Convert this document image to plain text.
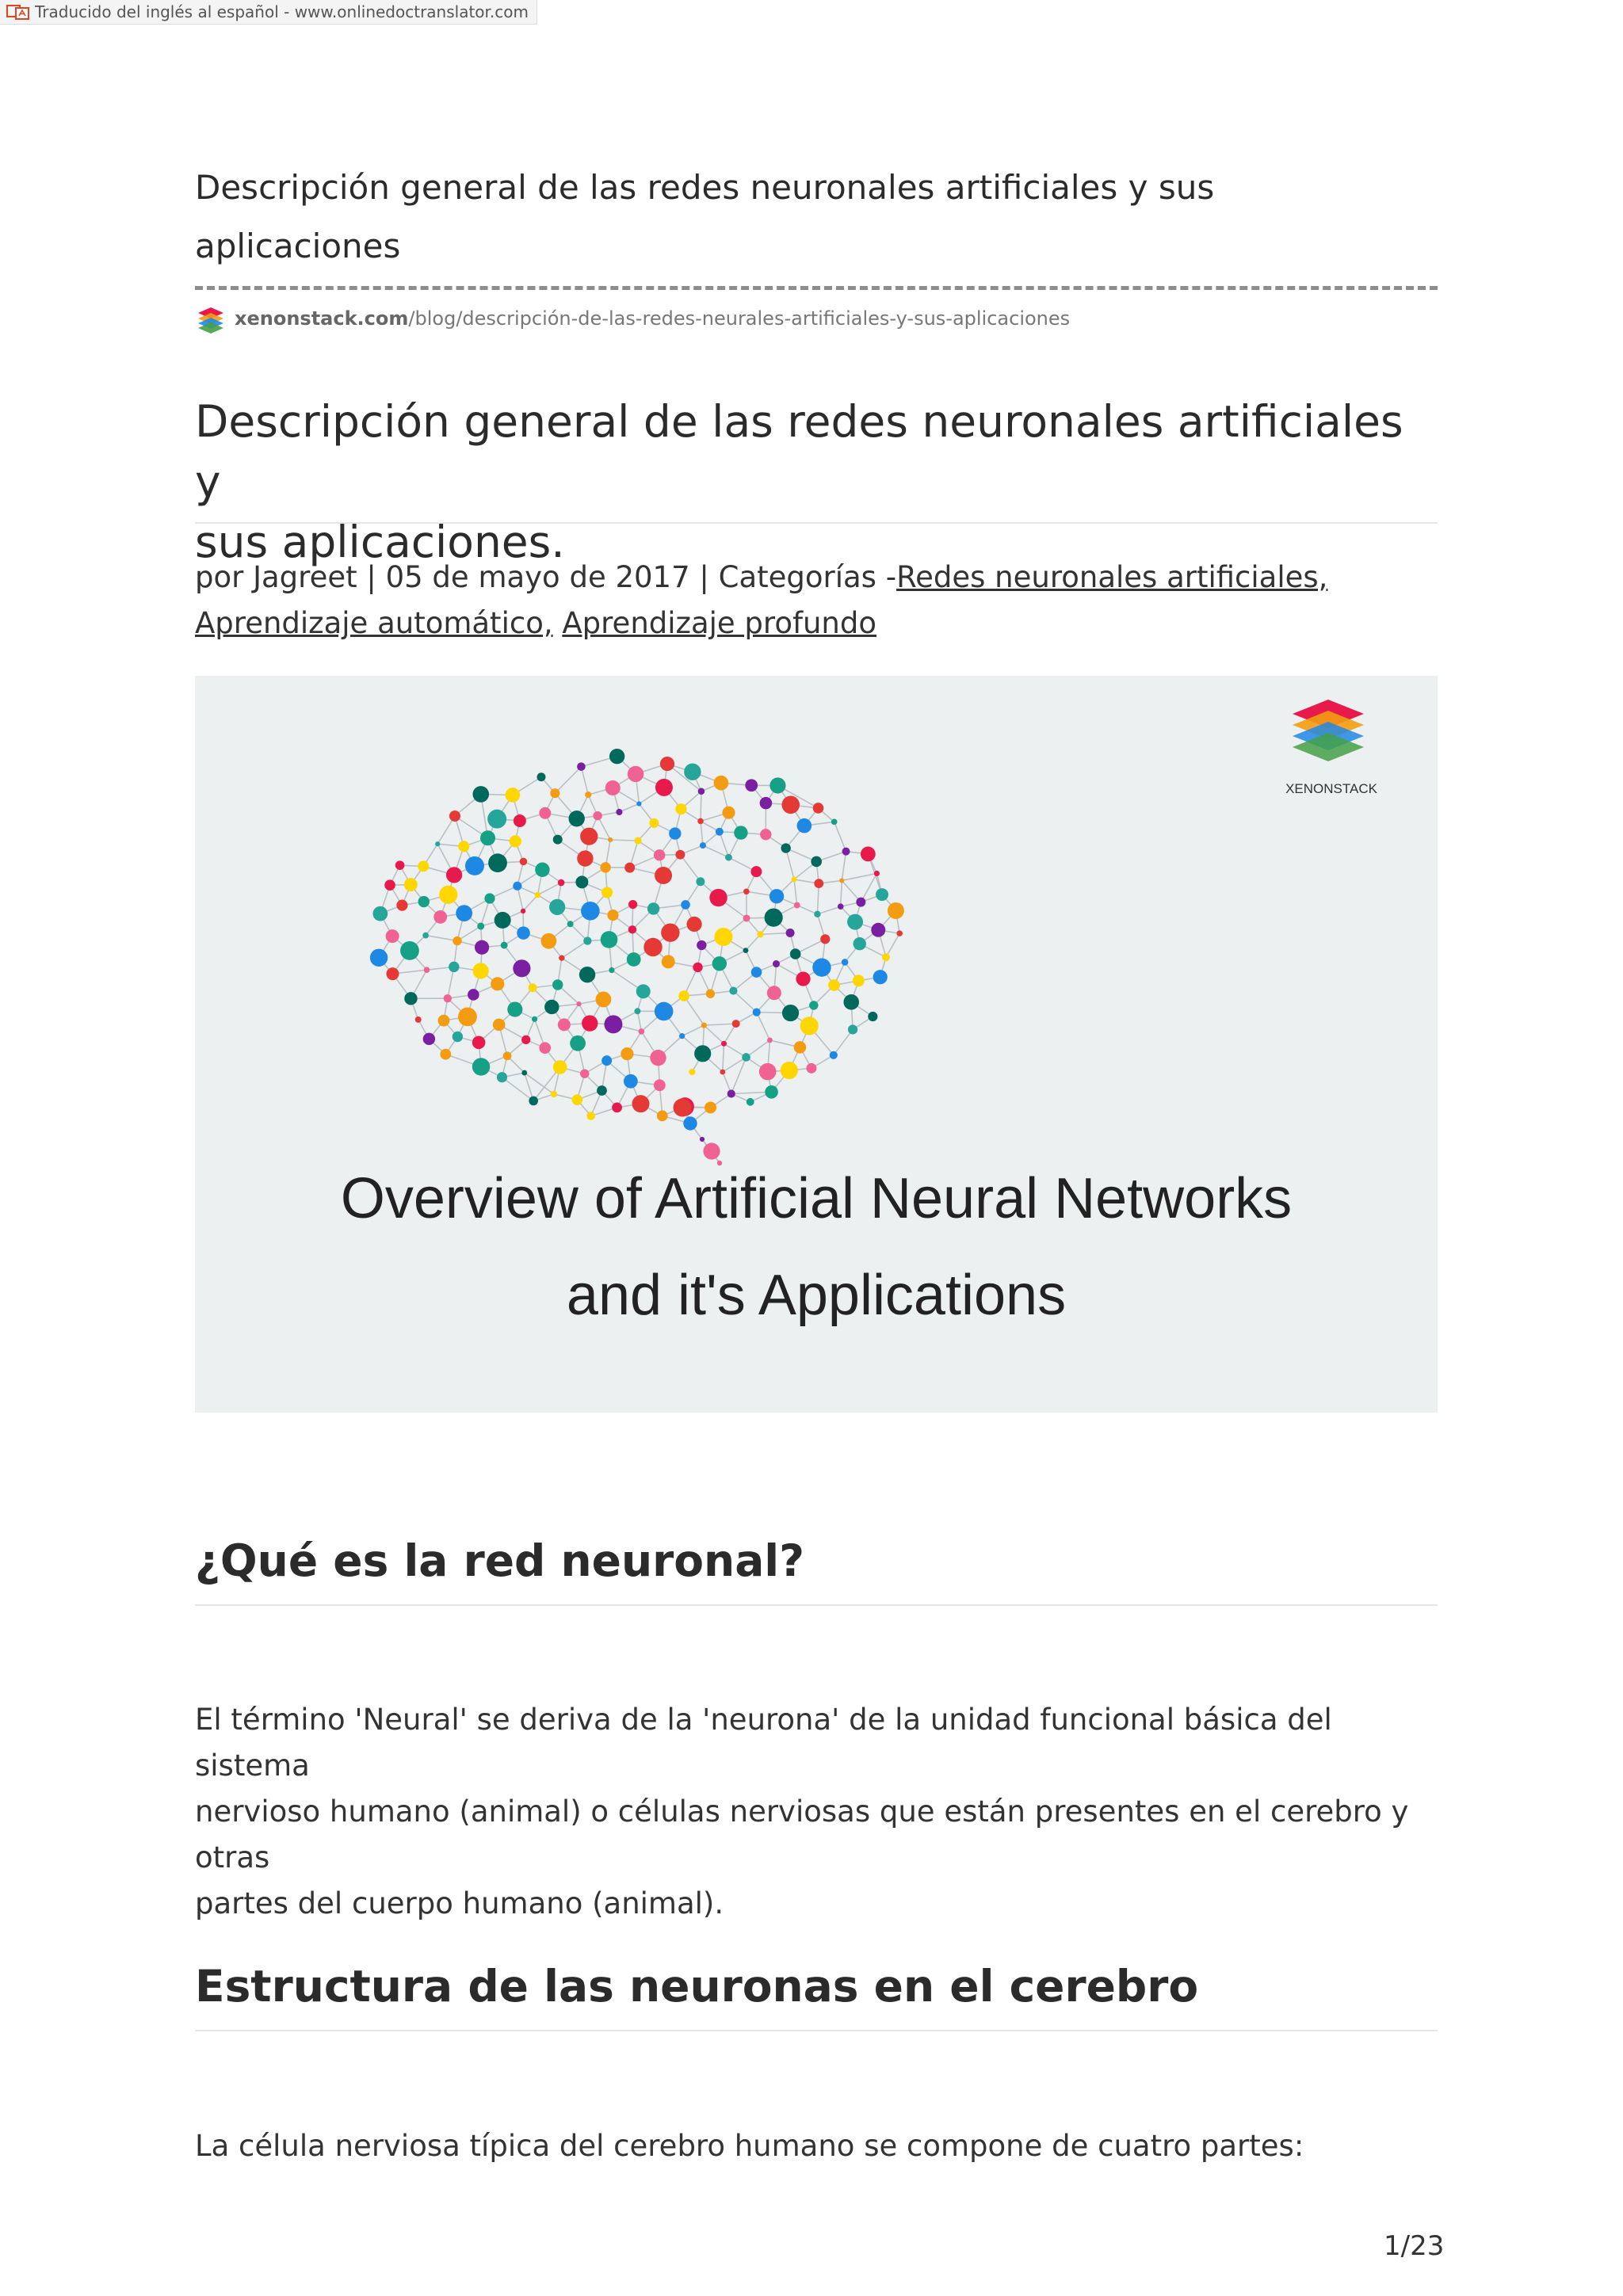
Traducido del inglés al español - www.onlinedoctranslator.com
Descripción general de las redes neuronales artificiales y sus
aplicaciones
xenonstack.com/blog/descripción-de-las-redes-neurales-artificiales-y-sus-aplicaciones
Descripción general de las redes neuronales artificiales y
sus aplicaciones.

por Jagreet | 05 de mayo de 2017 | Categorías -Redes neuronales artificiales,
Aprendizaje automático, Aprendizaje profundo

XENONSTACK
Overview of Artificial Neural Networks
and it's Applications
¿Qué es la red neuronal?

El término 'Neural' se deriva de la 'neurona' de la unidad funcional básica del sistema
nervioso humano (animal) o células nerviosas que están presentes en el cerebro y otras
partes del cuerpo humano (animal).

Estructura de las neuronas en el cerebro

La célula nerviosa típica del cerebro humano se compone de cuatro partes:

1/23
